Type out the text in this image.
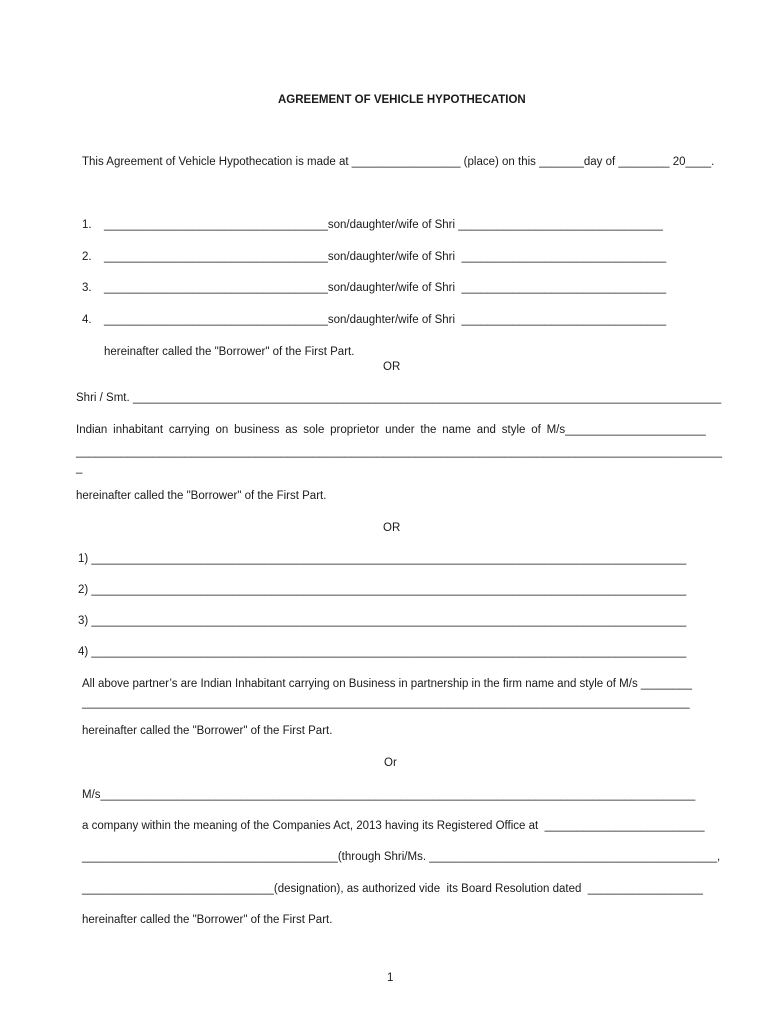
AGREEMENT OF VEHICLE HYPOTHECATION
This Agreement of Vehicle Hypothecation is made at _________________ (place) on this _______day of ________ 20____.
1. ___________________________________son/daughter/wife of Shri ________________________________
2. ___________________________________son/daughter/wife of Shri  ________________________________
3. ___________________________________son/daughter/wife of Shri  ________________________________
4. ___________________________________son/daughter/wife of Shri  ________________________________
hereinafter called the "Borrower" of the First Part.
OR
Shri / Smt. ____________________________________________________________________________________________
Indian inhabitant carrying on business as sole proprietor under the name and style of M/s______________________
_____________________________________________________________________________________________________
_
hereinafter called the "Borrower" of the First Part.
OR
1) _____________________________________________________________________________________________
2) _____________________________________________________________________________________________
3) _____________________________________________________________________________________________
4) _____________________________________________________________________________________________
All above partner’s are Indian Inhabitant carrying on Business in partnership in the firm name and style of M/s ________
_______________________________________________________________________________________________
hereinafter called the "Borrower" of the First Part.
Or
M/s_____________________________________________________________________________________________
a company within the meaning of the Companies Act, 2013 having its Registered Office at  _________________________
________________________________________(through Shri/Ms. _____________________________________________,
______________________________(designation), as authorized vide  its Board Resolution dated  __________________
hereinafter called the "Borrower" of the First Part.
1
